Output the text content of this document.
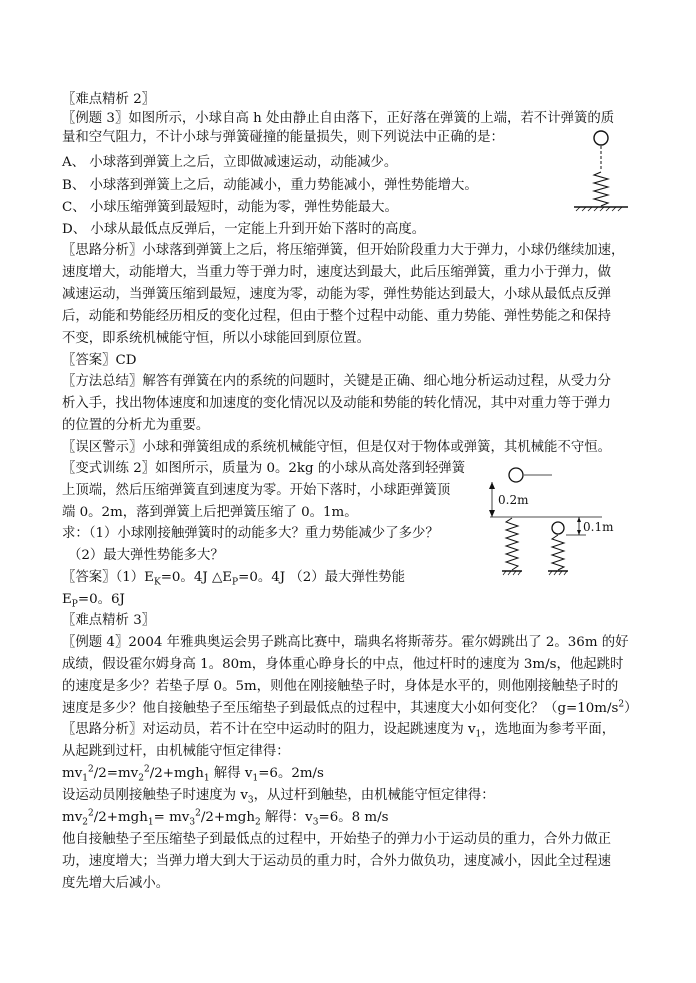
〖难点精析 2〗
〖例题 3〗如图所示，小球自高 h 处由静止自由落下，正好落在弹簧的上端，若不计弹簧的质
量和空气阻力，不计小球与弹簧碰撞的能量损失，则下列说法中正确的是：
A、 小球落到弹簧上之后，立即做减速运动，动能减少。
B、 小球落到弹簧上之后，动能减小，重力势能减小，弹性势能增大。
C、 小球压缩弹簧到最短时，动能为零，弹性势能最大。
D、 小球从最低点反弹后，一定能上升到开始下落时的高度。
〖思路分析〗小球落到弹簧上之后，将压缩弹簧，但开始阶段重力大于弹力，小球仍继续加速，
速度增大，动能增大，当重力等于弹力时，速度达到最大，此后压缩弹簧，重力小于弹力，做
减速运动，当弹簧压缩到最短，速度为零，动能为零，弹性势能达到最大，小球从最低点反弹
后，动能和势能经历相反的变化过程，但由于整个过程中动能、重力势能、弹性势能之和保持
不变，即系统机械能守恒，所以小球能回到原位置。
〖答案〗CD
〖方法总结〗解答有弹簧在内的系统的问题时，关键是正确、细心地分析运动过程，从受力分
析入手，找出物体速度和加速度的变化情况以及动能和势能的转化情况，其中对重力等于弹力
的位置的分析尤为重要。
〖误区警示〗小球和弹簧组成的系统机械能守恒，但是仅对于物体或弹簧，其机械能不守恒。
〖变式训练 2〗如图所示，质量为 0。2kg 的小球从高处落到轻弹簧
上顶端，然后压缩弹簧直到速度为零。开始下落时，小球距弹簧顶
端 0。2m，落到弹簧上后把弹簧压缩了 0。1m。
求：（1）小球刚接触弹簧时的动能多大？重力势能减少了多少？
（2）最大弹性势能多大？
〖答案〗$(1)E_K=0$。4J $\triangle E_P=0$。4J （2）最大弹性势能
$E_P=0$。6J
0.2m
0.1m
〖难点精析 3〗
〖例题 4〗2004 年雅典奥运会男子跳高比赛中，瑞典名将斯蒂芬。霍尔姆跳出了 2。36m 的好
成绩，假设霍尔姆身高 1。80m，身体重心睁身长的中点，他过杆时的速度为 3m/s，他起跳时
的速度是多少？若垫子厚 0。5m，则他在刚接触垫子时，身体是水平的，则他刚接触垫子时的
速度是多少？他自接触垫子至压缩垫子到最低点的过程中，其速度大小如何变化？$(g=10m/s^2)$
〖思路分析〗对运动员，若不计在空中运动时的阻力，设起跳速度为 $v_1$，选地面为参考平面，
从起跳到过杆，由机械能守恒定律得：
$mv_1^2/2=mv_2^2/2+mgh_1$ 解得 $v_1=6$。2m/s
设运动员刚接触垫子时速度为 $v_3$，从过杆到触垫，由机械能守恒定律得：
$mv_2^2/2+mgh_1= mv_3^2/2+mgh_2$ 解得：$v_3=6$。8 m/s
他自接触垫子至压缩垫子到最低点的过程中，开始垫子的弹力小于运动员的重力，合外力做正
功，速度增大；当弹力增大到大于运动员的重力时，合外力做负功，速度减小，因此全过程速
度先增大后减小。
